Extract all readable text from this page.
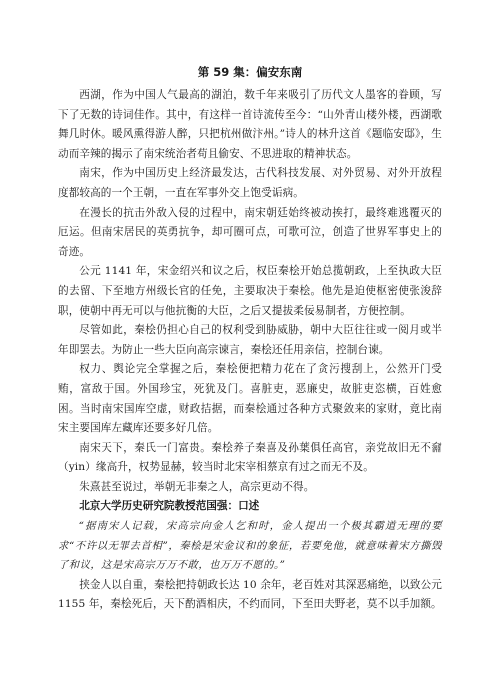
第 59 集：偏安东南

西湖，作为中国人气最高的湖泊，数千年来吸引了历代文人墨客的眷顾，写下了无数的诗词佳作。其中，有这样一首诗流传至今：“山外青山楼外楼，西湖歌舞几时休。暖风熏得游人醉，只把杭州做汴州。”诗人的林升这首《题临安邸》，生动而辛辣的揭示了南宋统治者苟且偷安、不思进取的精神状态。

南宋，作为中国历史上经济最发达，古代科技发展、对外贸易、对外开放程度都较高的一个王朝，一直在军事外交上饱受诟病。

在漫长的抗击外敌入侵的过程中，南宋朝廷始终被动挨打，最终难逃覆灭的厄运。但南宋居民的英勇抗争，却可圈可点，可歌可泣，创造了世界军事史上的奇迹。

公元 1141 年，宋金绍兴和议之后，权臣秦桧开始总揽朝政，上至执政大臣的去留、下至地方州级长官的任免，主要取决于秦桧。他先是迫使枢密使张浚辞职，使朝中再无可以与他抗衡的大臣，之后又提拔柔佞易制者，方便控制。

尽管如此，秦桧仍担心自己的权利受到胁威胁，朝中大臣往往或一阅月或半年即罢去。为防止一些大臣向高宗谏言，秦桧还任用亲信，控制台谏。

权力、舆论完全掌握之后，秦桧便把精力花在了贪污搜刮上，公然开门受贿，富敌于国。外国珍宝，死犹及门。喜脏吏，恶廉史，故脏吏恣横，百姓愈困。当时南宋国库空虚，财政拮据，而秦桧通过各种方式聚敛来的家财，竟比南宋主要国库左藏库还要多好几倍。

南宋天下，秦氏一门富贵。秦桧养子秦喜及孙葉俱任高官，亲党故旧无不奫（yin）缘高升，权势显赫，较当时北宋宰相蔡京有过之而无不及。

朱熹甚至说过，举朝无非秦之人，高宗更动不得。

北京大学历史研究院教授范国强：口述

“据南宋人记载，宋高宗向金人乞和时，金人提出一个极其霸道无理的要求“不许以无罪去首相”，秦桧是宋金议和的象征，若要免他，就意味着宋方撕毁了和议，这是宋高宗万万不敢，也万万不愿的。”

挟金人以自重，秦桧把持朝政长达 10 余年，老百姓对其深恶痛绝，以致公元 1155 年，秦桧死后，天下酌酒相庆，不约而同，下至田夫野老，莫不以手加额。
